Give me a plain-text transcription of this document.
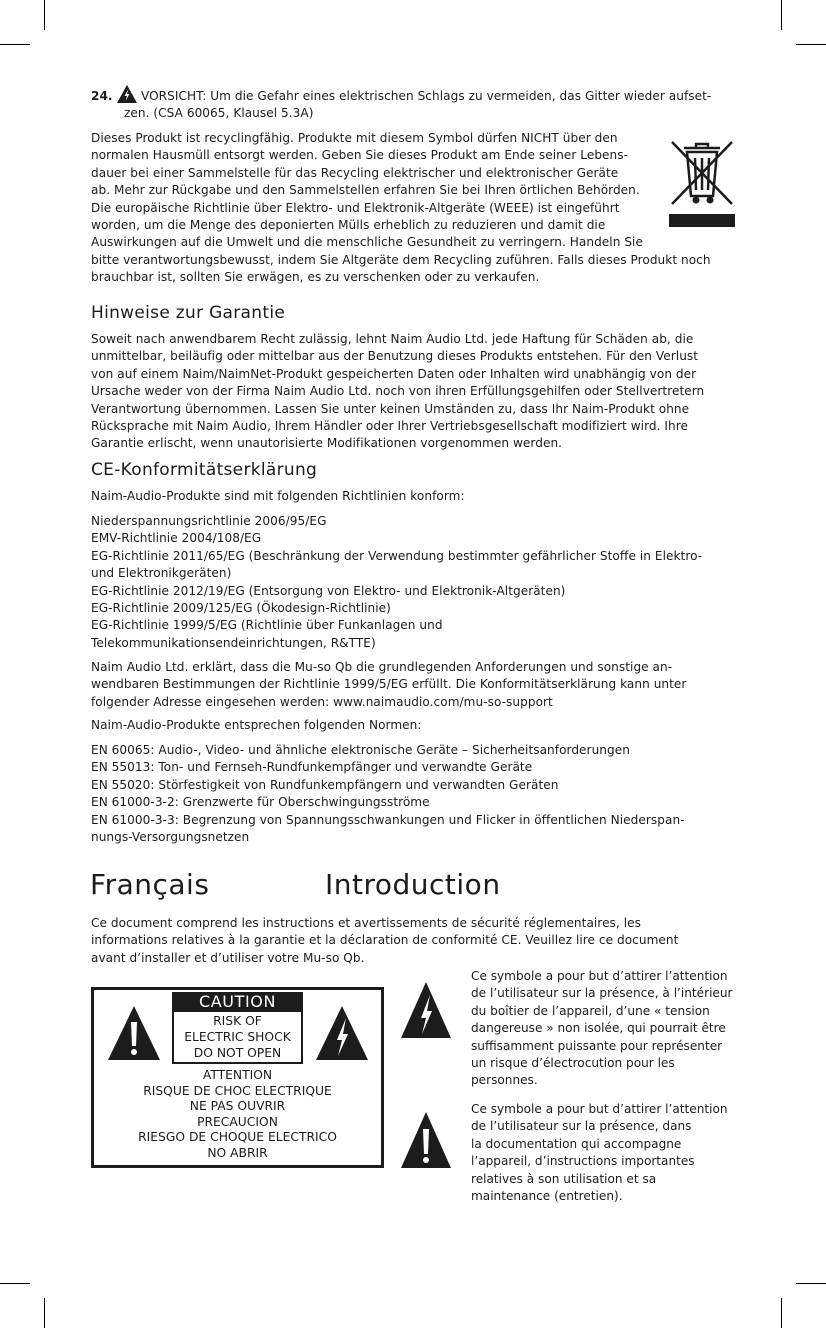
24. VORSICHT: Um die Gefahr eines elektrischen Schlags zu vermeiden, das Gitter wieder aufset-
zen. (CSA 60065, Klausel 5.3A)
Dieses Produkt ist recyclingfähig. Produkte mit diesem Symbol dürfen NICHT über den
normalen Hausmüll entsorgt werden. Geben Sie dieses Produkt am Ende seiner Lebens-
dauer bei einer Sammelstelle für das Recycling elektrischer und elektronischer Geräte
ab. Mehr zur Rückgabe und den Sammelstellen erfahren Sie bei Ihren örtlichen Behörden.
Die europäische Richtlinie über Elektro- und Elektronik-Altgeräte (WEEE) ist eingeführt
worden, um die Menge des deponierten Mülls erheblich zu reduzieren und damit die
Auswirkungen auf die Umwelt und die menschliche Gesundheit zu verringern. Handeln Sie
bitte verantwortungsbewusst, indem Sie Altgeräte dem Recycling zuführen. Falls dieses Produkt noch
brauchbar ist, sollten Sie erwägen, es zu verschenken oder zu verkaufen.
Hinweise zur Garantie
Soweit nach anwendbarem Recht zulässig, lehnt Naim Audio Ltd. jede Haftung für Schäden ab, die
unmittelbar, beiläufig oder mittelbar aus der Benutzung dieses Produkts entstehen. Für den Verlust
von auf einem Naim/NaimNet-Produkt gespeicherten Daten oder Inhalten wird unabhängig von der
Ursache weder von der Firma Naim Audio Ltd. noch von ihren Erfüllungsgehilfen oder Stellvertretern
Verantwortung übernommen. Lassen Sie unter keinen Umständen zu, dass Ihr Naim-Produkt ohne
Rücksprache mit Naim Audio, Ihrem Händler oder Ihrer Vertriebsgesellschaft modifiziert wird. Ihre
Garantie erlischt, wenn unautorisierte Modifikationen vorgenommen werden.
CE-Konformitätserklärung
Naim-Audio-Produkte sind mit folgenden Richtlinien konform:
Niederspannungsrichtlinie 2006/95/EG
EMV-Richtlinie 2004/108/EG
EG-Richtlinie 2011/65/EG (Beschränkung der Verwendung bestimmter gefährlicher Stoffe in Elektro-
und Elektronikgeräten)
EG-Richtlinie 2012/19/EG (Entsorgung von Elektro- und Elektronik-Altgeräten)
EG-Richtlinie 2009/125/EG (Ökodesign-Richtlinie)
EG-Richtlinie 1999/5/EG (Richtlinie über Funkanlagen und
Telekommunikationsendeinrichtungen, R&TTE)
Naim Audio Ltd. erklärt, dass die Mu-so Qb die grundlegenden Anforderungen und sonstige an-
wendbaren Bestimmungen der Richtlinie 1999/5/EG erfüllt. Die Konformitätserklärung kann unter
folgender Adresse eingesehen werden: www.naimaudio.com/mu-so-support
Naim-Audio-Produkte entsprechen folgenden Normen:
EN 60065: Audio-, Video- und ähnliche elektronische Geräte – Sicherheitsanforderungen
EN 55013: Ton- und Fernseh-Rundfunkempfänger und verwandte Geräte
EN 55020: Störfestigkeit von Rundfunkempfängern und verwandten Geräten
EN 61000-3-2: Grenzwerte für Oberschwingungsströme
EN 61000-3-3: Begrenzung von Spannungsschwankungen und Flicker in öffentlichen Niederspan-
nungs-Versorgungsnetzen
Français	Introduction
Ce document comprend les instructions et avertissements de sécurité réglementaires, les
informations relatives à la garantie et la déclaration de conformité CE. Veuillez lire ce document
avant d’installer et d’utiliser votre Mu-so Qb.
CAUTION
RISK OF
ELECTRIC SHOCK
DO NOT OPEN
ATTENTION
RISQUE DE CHOC ELECTRIQUE
NE PAS OUVRIR
PRECAUCION
RIESGO DE CHOQUE ELECTRICO
NO ABRIR
Ce symbole a pour but d’attirer l’attention
de l’utilisateur sur la présence, à l’intérieur
du boîtier de l’appareil, d’une « tension
dangereuse » non isolée, qui pourrait être
suffisamment puissante pour représenter
un risque d’électrocution pour les
personnes.
Ce symbole a pour but d’attirer l’attention
de l’utilisateur sur la présence, dans
la documentation qui accompagne
l’appareil, d’instructions importantes
relatives à son utilisation et sa
maintenance (entretien).
